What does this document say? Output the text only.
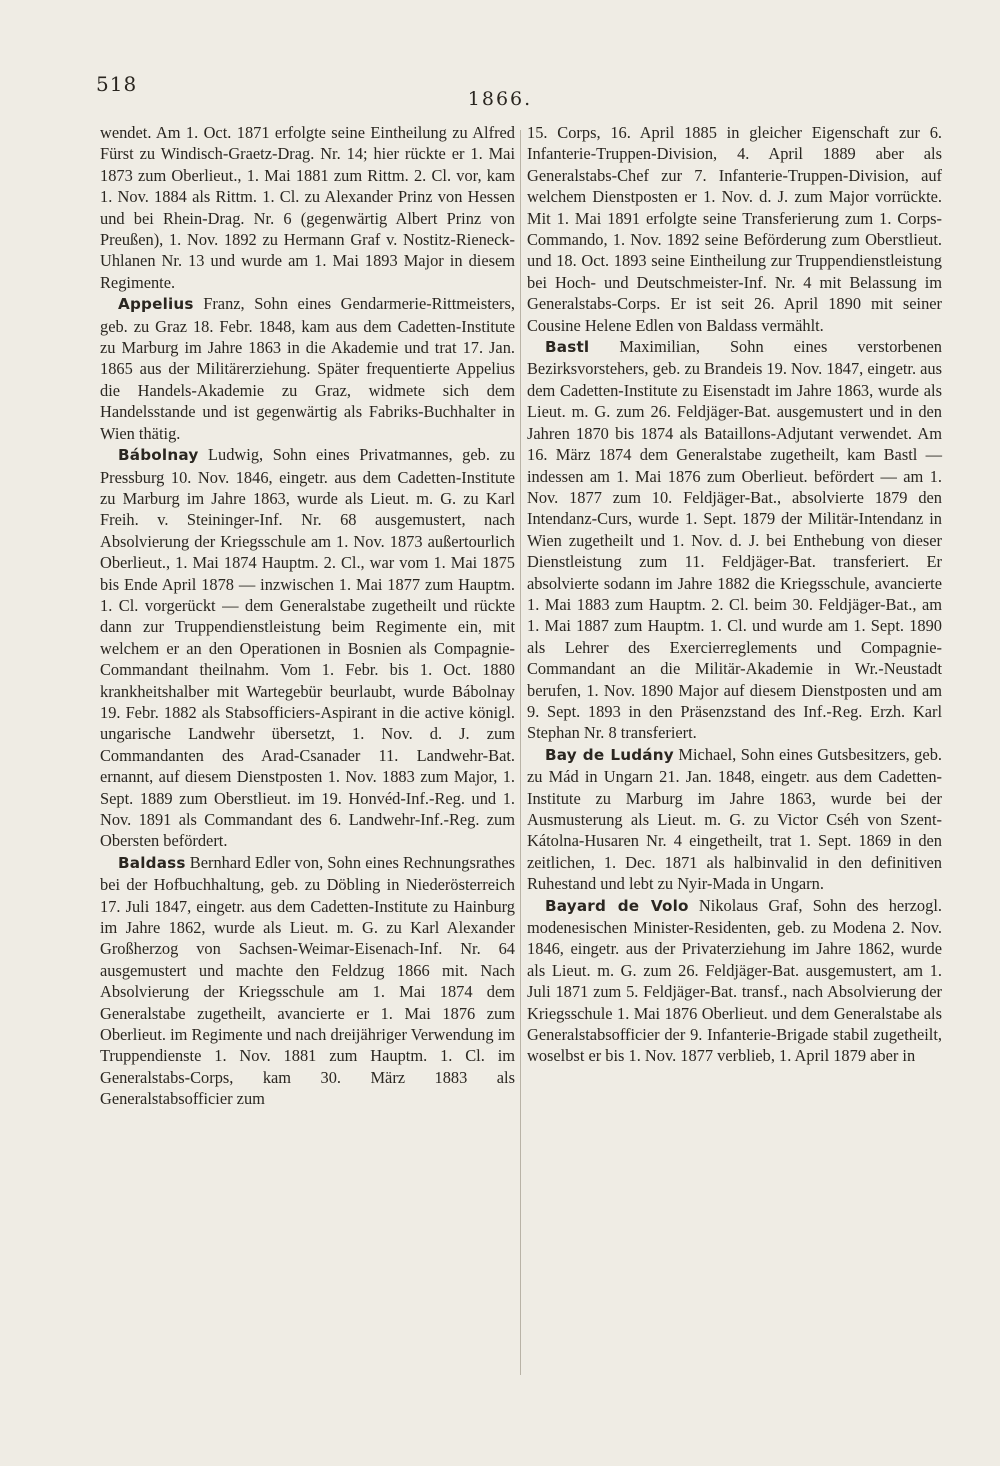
518
1866.

wendet. Am 1. Oct. 1871 erfolgte seine Eintheilung zu Alfred Fürst zu Windisch-Graetz-Drag. Nr. 14; hier rückte er 1. Mai 1873 zum Oberlieut., 1. Mai 1881 zum Rittm. 2. Cl. vor, kam 1. Nov. 1884 als Rittm. 1. Cl. zu Alexander Prinz von Hessen und bei Rhein-Drag. Nr. 6 (gegenwärtig Albert Prinz von Preußen), 1. Nov. 1892 zu Hermann Graf v. Nostitz-Rieneck-Uhlanen Nr. 13 und wurde am 1. Mai 1893 Major in diesem Regimente.

Appelius Franz, Sohn eines Gendarmerie-Rittmeisters, geb. zu Graz 18. Febr. 1848, kam aus dem Cadetten-Institute zu Marburg im Jahre 1863 in die Akademie und trat 17. Jan. 1865 aus der Militärerziehung. Später frequentierte Appelius die Handels-Akademie zu Graz, widmete sich dem Handelsstande und ist gegenwärtig als Fabriks-Buchhalter in Wien thätig.

Bábolnay Ludwig, Sohn eines Privatmannes, geb. zu Pressburg 10. Nov. 1846, eingetr. aus dem Cadetten-Institute zu Marburg im Jahre 1863, wurde als Lieut. m. G. zu Karl Freih. v. Steininger-Inf. Nr. 68 ausgemustert, nach Absolvierung der Kriegsschule am 1. Nov. 1873 außertourlich Oberlieut., 1. Mai 1874 Hauptm. 2. Cl., war vom 1. Mai 1875 bis Ende April 1878 — inzwischen 1. Mai 1877 zum Hauptm. 1. Cl. vorgerückt — dem Generalstabe zugetheilt und rückte dann zur Truppendienstleistung beim Regimente ein, mit welchem er an den Operationen in Bosnien als Compagnie-Commandant theilnahm. Vom 1. Febr. bis 1. Oct. 1880 krankheitshalber mit Wartegebür beurlaubt, wurde Bábolnay 19. Febr. 1882 als Stabsofficiers-Aspirant in die active königl. ungarische Landwehr übersetzt, 1. Nov. d. J. zum Commandanten des Arad-Csanader 11. Landwehr-Bat. ernannt, auf diesem Dienstposten 1. Nov. 1883 zum Major, 1. Sept. 1889 zum Oberstlieut. im 19. Honvéd-Inf.-Reg. und 1. Nov. 1891 als Commandant des 6. Landwehr-Inf.-Reg. zum Obersten befördert.

Baldass Bernhard Edler von, Sohn eines Rechnungsrathes bei der Hofbuchhaltung, geb. zu Döbling in Niederösterreich 17. Juli 1847, eingetr. aus dem Cadetten-Institute zu Hainburg im Jahre 1862, wurde als Lieut. m. G. zu Karl Alexander Großherzog von Sachsen-Weimar-Eisenach-Inf. Nr. 64 ausgemustert und machte den Feldzug 1866 mit. Nach Absolvierung der Kriegsschule am 1. Mai 1874 dem Generalstabe zugetheilt, avancierte er 1. Mai 1876 zum Oberlieut. im Regimente und nach dreijähriger Verwendung im Truppendienste 1. Nov. 1881 zum Hauptm. 1. Cl. im Generalstabs-Corps, kam 30. März 1883 als Generalstabsofficier zum

15. Corps, 16. April 1885 in gleicher Eigenschaft zur 6. Infanterie-Truppen-Division, 4. April 1889 aber als Generalstabs-Chef zur 7. Infanterie-Truppen-Division, auf welchem Dienstposten er 1. Nov. d. J. zum Major vorrückte. Mit 1. Mai 1891 erfolgte seine Transferierung zum 1. Corps-Commando, 1. Nov. 1892 seine Beförderung zum Oberstlieut. und 18. Oct. 1893 seine Eintheilung zur Truppendienstleistung bei Hoch- und Deutschmeister-Inf. Nr. 4 mit Belassung im Generalstabs-Corps. Er ist seit 26. April 1890 mit seiner Cousine Helene Edlen von Baldass vermählt.

Bastl Maximilian, Sohn eines verstorbenen Bezirksvorstehers, geb. zu Brandeis 19. Nov. 1847, eingetr. aus dem Cadetten-Institute zu Eisenstadt im Jahre 1863, wurde als Lieut. m. G. zum 26. Feldjäger-Bat. ausgemustert und in den Jahren 1870 bis 1874 als Bataillons-Adjutant verwendet. Am 16. März 1874 dem Generalstabe zugetheilt, kam Bastl — indessen am 1. Mai 1876 zum Oberlieut. befördert — am 1. Nov. 1877 zum 10. Feldjäger-Bat., absolvierte 1879 den Intendanz-Curs, wurde 1. Sept. 1879 der Militär-Intendanz in Wien zugetheilt und 1. Nov. d. J. bei Enthebung von dieser Dienstleistung zum 11. Feldjäger-Bat. transferiert. Er absolvierte sodann im Jahre 1882 die Kriegsschule, avancierte 1. Mai 1883 zum Hauptm. 2. Cl. beim 30. Feldjäger-Bat., am 1. Mai 1887 zum Hauptm. 1. Cl. und wurde am 1. Sept. 1890 als Lehrer des Exercierreglements und Compagnie-Commandant an die Militär-Akademie in Wr.-Neustadt berufen, 1. Nov. 1890 Major auf diesem Dienstposten und am 9. Sept. 1893 in den Präsenzstand des Inf.-Reg. Erzh. Karl Stephan Nr. 8 transferiert.

Bay de Ludány Michael, Sohn eines Gutsbesitzers, geb. zu Mád in Ungarn 21. Jan. 1848, eingetr. aus dem Cadetten-Institute zu Marburg im Jahre 1863, wurde bei der Ausmusterung als Lieut. m. G. zu Victor Cséh von Szent-Kátolna-Husaren Nr. 4 eingetheilt, trat 1. Sept. 1869 in den zeitlichen, 1. Dec. 1871 als halbinvalid in den definitiven Ruhestand und lebt zu Nyir-Mada in Ungarn.

Bayard de Volo Nikolaus Graf, Sohn des herzogl. modenesischen Minister-Residenten, geb. zu Modena 2. Nov. 1846, eingetr. aus der Privaterziehung im Jahre 1862, wurde als Lieut. m. G. zum 26. Feldjäger-Bat. ausgemustert, am 1. Juli 1871 zum 5. Feldjäger-Bat. transf., nach Absolvierung der Kriegsschule 1. Mai 1876 Oberlieut. und dem Generalstabe als Generalstabsofficier der 9. Infanterie-Brigade stabil zugetheilt, woselbst er bis 1. Nov. 1877 verblieb, 1. April 1879 aber in
